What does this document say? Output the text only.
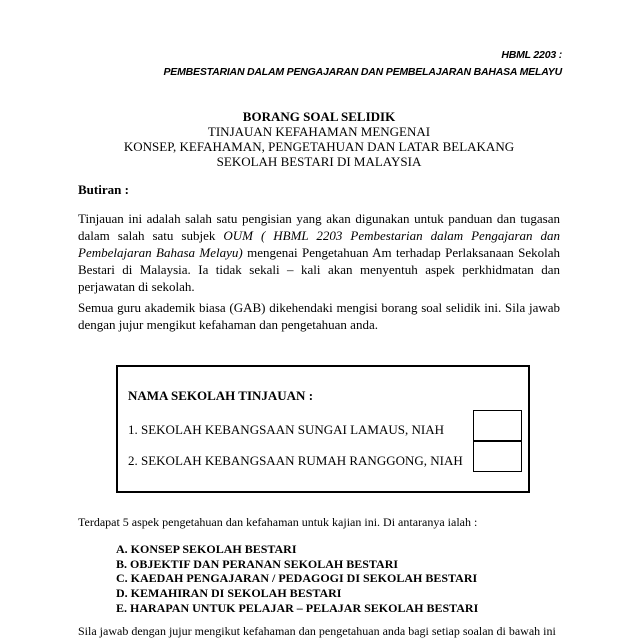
HBML 2203 :
PEMBESTARIAN DALAM PENGAJARAN DAN PEMBELAJARAN BAHASA MELAYU
BORANG SOAL SELIDIK
TINJAUAN KEFAHAMAN MENGENAI
KONSEP, KEFAHAMAN, PENGETAHUAN DAN LATAR BELAKANG
SEKOLAH BESTARI DI MALAYSIA
Butiran :
Tinjauan ini adalah salah satu pengisian yang akan digunakan untuk panduan dan tugasan dalam salah satu subjek OUM ( HBML 2203 Pembestarian dalam Pengajaran dan Pembelajaran Bahasa Melayu) mengenai Pengetahuan Am terhadap Perlaksanaan Sekolah Bestari di Malaysia. Ia tidak sekali – kali akan menyentuh aspek perkhidmatan dan perjawatan di sekolah.
Semua guru akademik biasa (GAB) dikehendaki mengisi borang soal selidik ini. Sila jawab dengan jujur mengikut kefahaman dan pengetahuan anda.
NAMA SEKOLAH TINJAUAN :
1. SEKOLAH KEBANGSAAN SUNGAI LAMAUS, NIAH
2. SEKOLAH KEBANGSAAN RUMAH RANGGONG, NIAH
Terdapat 5 aspek pengetahuan dan kefahaman untuk kajian ini. Di antaranya ialah :
A. KONSEP SEKOLAH BESTARI
B. OBJEKTIF DAN PERANAN SEKOLAH BESTARI
C. KAEDAH PENGAJARAN / PEDAGOGI DI SEKOLAH BESTARI
D. KEMAHIRAN DI SEKOLAH BESTARI
E. HARAPAN UNTUK PELAJAR – PELAJAR SEKOLAH BESTARI
Sila jawab dengan jujur mengikut kefahaman dan pengetahuan anda bagi setiap soalan di bawah ini
